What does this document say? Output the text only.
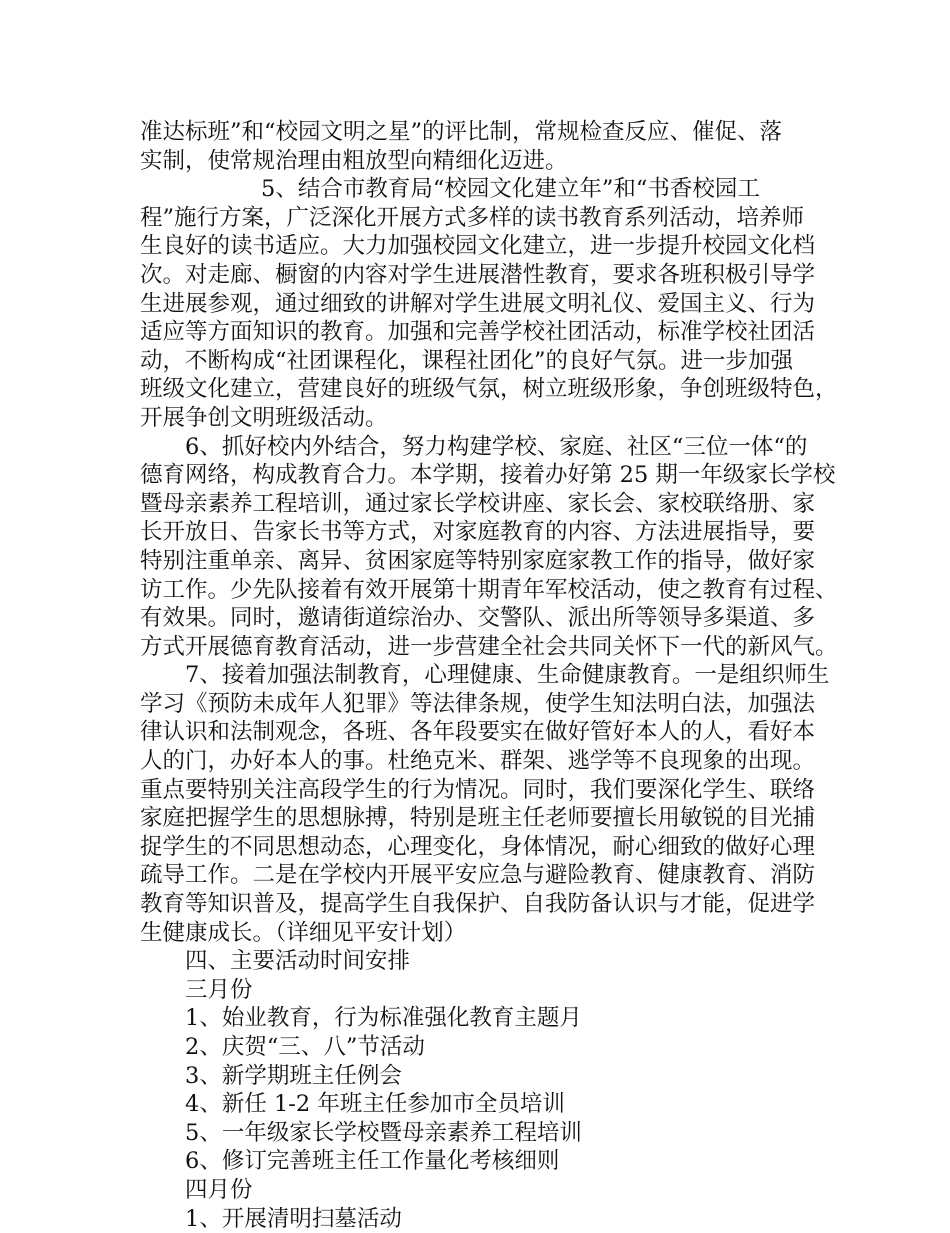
准达标班”和“校园文明之星”的评比制，常规检查反应、催促、落
实制，使常规治理由粗放型向精细化迈进。
5、结合市教育局“校园文化建立年”和“书香校园工
程”施行方案，广泛深化开展方式多样的读书教育系列活动，培养师
生良好的读书适应。大力加强校园文化建立，进一步提升校园文化档
次。对走廊、橱窗的内容对学生进展潜性教育，要求各班积极引导学
生进展参观，通过细致的讲解对学生进展文明礼仪、爱国主义、行为
适应等方面知识的教育。加强和完善学校社团活动，标准学校社团活
动，不断构成“社团课程化，课程社团化”的良好气氛。进一步加强
班级文化建立，营建良好的班级气氛，树立班级形象，争创班级特色，
开展争创文明班级活动。
6、抓好校内外结合，努力构建学校、家庭、社区“三位一体“的
德育网络，构成教育合力。本学期，接着办好第 25 期一年级家长学校
暨母亲素养工程培训，通过家长学校讲座、家长会、家校联络册、家
长开放日、告家长书等方式，对家庭教育的内容、方法进展指导，要
特别注重单亲、离异、贫困家庭等特别家庭家教工作的指导，做好家
访工作。少先队接着有效开展第十期青年军校活动，使之教育有过程、
有效果。同时，邀请街道综治办、交警队、派出所等领导多渠道、多
方式开展德育教育活动，进一步营建全社会共同关怀下一代的新风气。
7、接着加强法制教育，心理健康、生命健康教育。一是组织师生
学习《预防未成年人犯罪》等法律条规，使学生知法明白法，加强法
律认识和法制观念，各班、各年段要实在做好管好本人的人，看好本
人的门，办好本人的事。杜绝克米、群架、逃学等不良现象的出现。
重点要特别关注高段学生的行为情况。同时，我们要深化学生、联络
家庭把握学生的思想脉搏，特别是班主任老师要擅长用敏锐的目光捕
捉学生的不同思想动态，心理变化，身体情况，耐心细致的做好心理
疏导工作。二是在学校内开展平安应急与避险教育、健康教育、消防
教育等知识普及，提高学生自我保护、自我防备认识与才能，促进学
生健康成长。（详细见平安计划）
四、主要活动时间安排
三月份
1、始业教育，行为标准强化教育主题月
2、庆贺“三、八”节活动
3、新学期班主任例会
4、新任 1-2 年班主任参加市全员培训
5、一年级家长学校暨母亲素养工程培训
6、修订完善班主任工作量化考核细则
四月份
1、开展清明扫墓活动
